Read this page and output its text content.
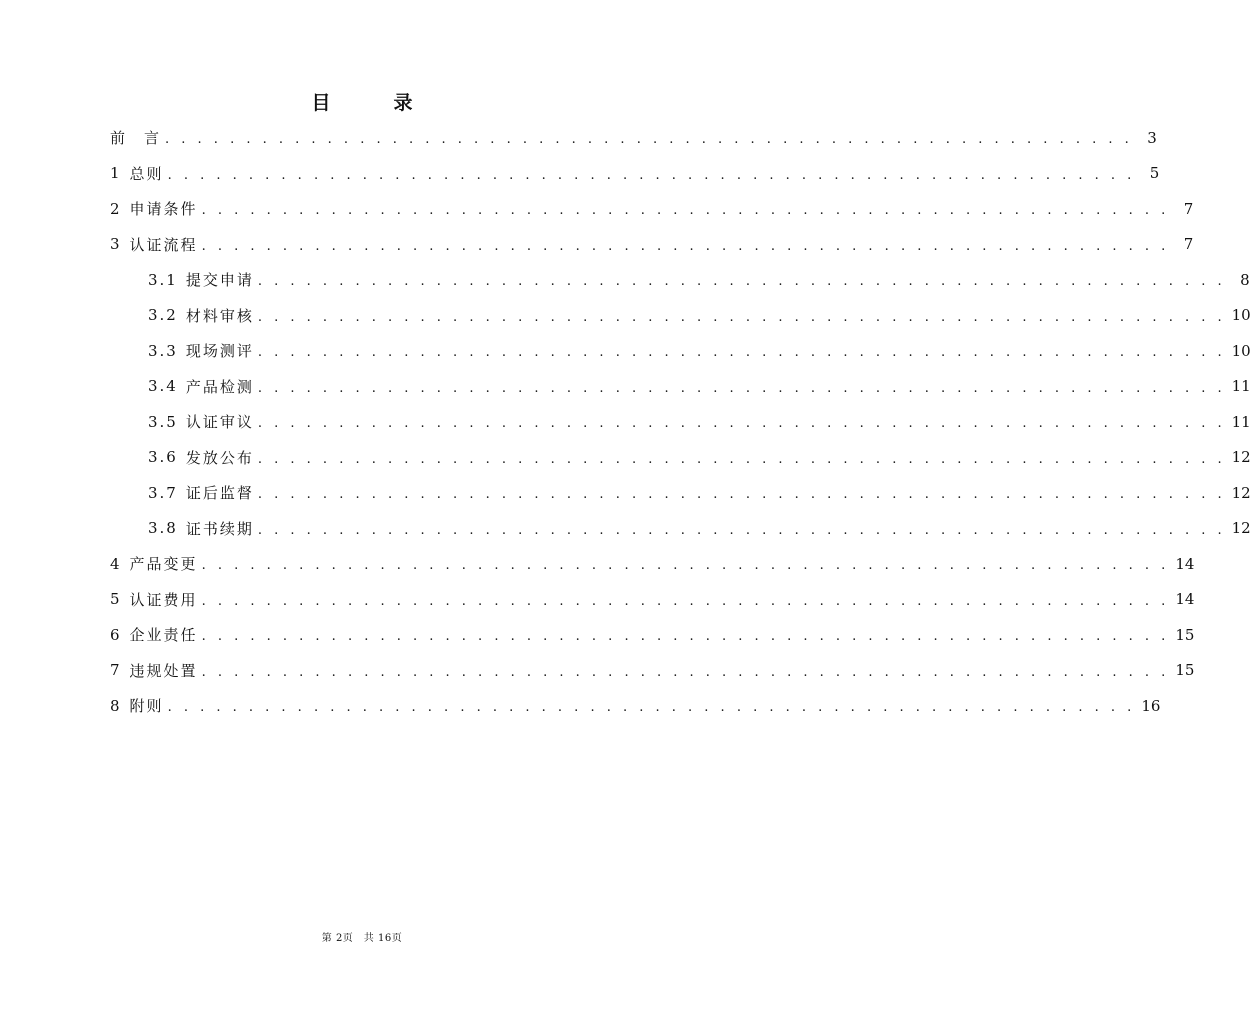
目　录
前　言 . . . . . . . . . . . . . . . . . . . . . . . . . . . . . . . . . . . . . . . . . . . . . . . . . . . . . . . . . . . . 3
1 总则 . . . . . . . . . . . . . . . . . . . . . . . . . . . . . . . . . . . . . . . . . . . . . . . . . . . . . . . . . . . . 5
2 申请条件 . . . . . . . . . . . . . . . . . . . . . . . . . . . . . . . . . . . . . . . . . . . . . . . . . . . . . . . . . . . . 7
3 认证流程 . . . . . . . . . . . . . . . . . . . . . . . . . . . . . . . . . . . . . . . . . . . . . . . . . . . . . . . . . . . . 7
3.1 提交申请 . . . . . . . . . . . . . . . . . . . . . . . . . . . . . . . . . . . . . . . . . . . . . . . . . . . . . . . . . . . . 8
3.2 材料审核 . . . . . . . . . . . . . . . . . . . . . . . . . . . . . . . . . . . . . . . . . . . . . . . . . . . . . . . . . . . . 10
3.3 现场测评 . . . . . . . . . . . . . . . . . . . . . . . . . . . . . . . . . . . . . . . . . . . . . . . . . . . . . . . . . . . . 10
3.4 产品检测 . . . . . . . . . . . . . . . . . . . . . . . . . . . . . . . . . . . . . . . . . . . . . . . . . . . . . . . . . . . . 11
3.5 认证审议 . . . . . . . . . . . . . . . . . . . . . . . . . . . . . . . . . . . . . . . . . . . . . . . . . . . . . . . . . . . . 11
3.6 发放公布 . . . . . . . . . . . . . . . . . . . . . . . . . . . . . . . . . . . . . . . . . . . . . . . . . . . . . . . . . . . . 12
3.7 证后监督 . . . . . . . . . . . . . . . . . . . . . . . . . . . . . . . . . . . . . . . . . . . . . . . . . . . . . . . . . . . . 12
3.8 证书续期 . . . . . . . . . . . . . . . . . . . . . . . . . . . . . . . . . . . . . . . . . . . . . . . . . . . . . . . . . . . . 12
4 产品变更 . . . . . . . . . . . . . . . . . . . . . . . . . . . . . . . . . . . . . . . . . . . . . . . . . . . . . . . . . . . . 14
5 认证费用 . . . . . . . . . . . . . . . . . . . . . . . . . . . . . . . . . . . . . . . . . . . . . . . . . . . . . . . . . . . . 14
6 企业责任 . . . . . . . . . . . . . . . . . . . . . . . . . . . . . . . . . . . . . . . . . . . . . . . . . . . . . . . . . . . . 15
7 违规处置 . . . . . . . . . . . . . . . . . . . . . . . . . . . . . . . . . . . . . . . . . . . . . . . . . . . . . . . . . . . . 15
8 附则 . . . . . . . . . . . . . . . . . . . . . . . . . . . . . . . . . . . . . . . . . . . . . . . . . . . . . . . . . . . . 16
第 2页　共 16页
